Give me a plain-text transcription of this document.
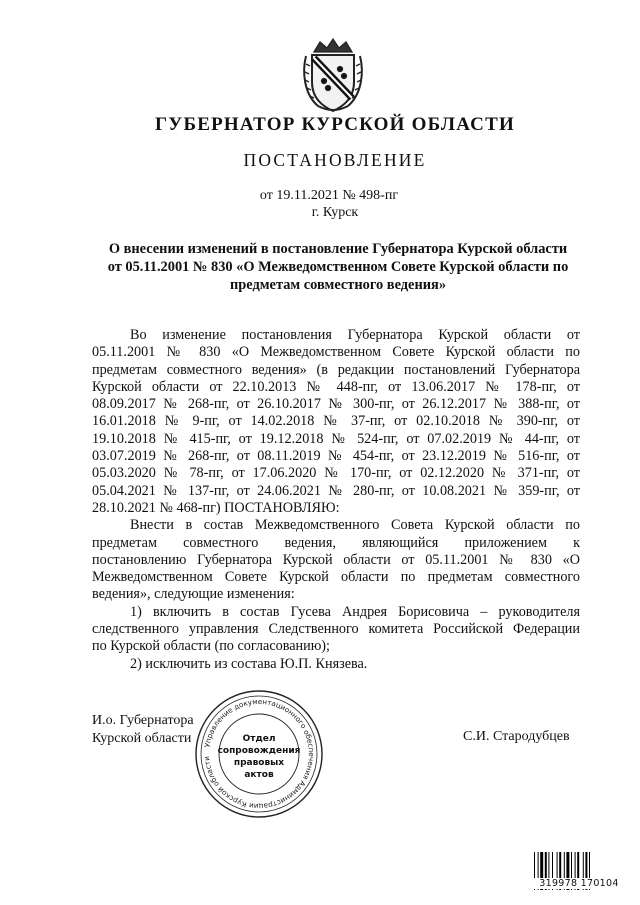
ГУБЕРНАТОР КУРСКОЙ ОБЛАСТИ
ПОСТАНОВЛЕНИЕ
от 19.11.2021 № 498-пг
г. Курск
О внесении изменений в постановление Губернатора Курской области
от 05.11.2001 № 830 «О Межведомственном Совете Курской области по
предметам совместного ведения»
Во изменение постановления Губернатора Курской области от
05.11.2001 № 830 «О Межведомственном Совете Курской области по
предметам совместного ведения» (в редакции постановлений Губернатора
Курской области от 22.10.2013 № 448-пг, от 13.06.2017 № 178-пг, от
08.09.2017 № 268-пг, от 26.10.2017 № 300-пг, от 26.12.2017 № 388-пг, от
16.01.2018 № 9-пг, от 14.02.2018 № 37-пг, от 02.10.2018 № 390-пг, от
19.10.2018 № 415-пг, от 19.12.2018 № 524-пг, от 07.02.2019 № 44-пг, от
03.07.2019 № 268-пг, от 08.11.2019 № 454-пг, от 23.12.2019 № 516-пг, от
05.03.2020 № 78-пг, от 17.06.2020 № 170-пг, от 02.12.2020 № 371-пг, от
05.04.2021 № 137-пг, от 24.06.2021 № 280-пг, от 10.08.2021 № 359-пг, от
28.10.2021 № 468-пг) ПОСТАНОВЛЯЮ:
Внести в состав Межведомственного Совета Курской области по
предметам совместного ведения, являющийся приложением к
постановлению Губернатора Курской области от 05.11.2001 № 830 «О
Межведомственном Совете Курской области по предметам совместного
ведения», следующие изменения:
1) включить в состав Гусева Андрея Борисовича – руководителя
следственного управления Следственного комитета Российской Федерации
по Курской области (по согласованию);
2) исключить из состава Ю.П. Князева.
И.о. Губернатора
Курской области	С.И. Стародубцев
Управление документационного обеспечения Администрации Курской области
Отдел
сопровождения
правовых
актов
319978 170104
